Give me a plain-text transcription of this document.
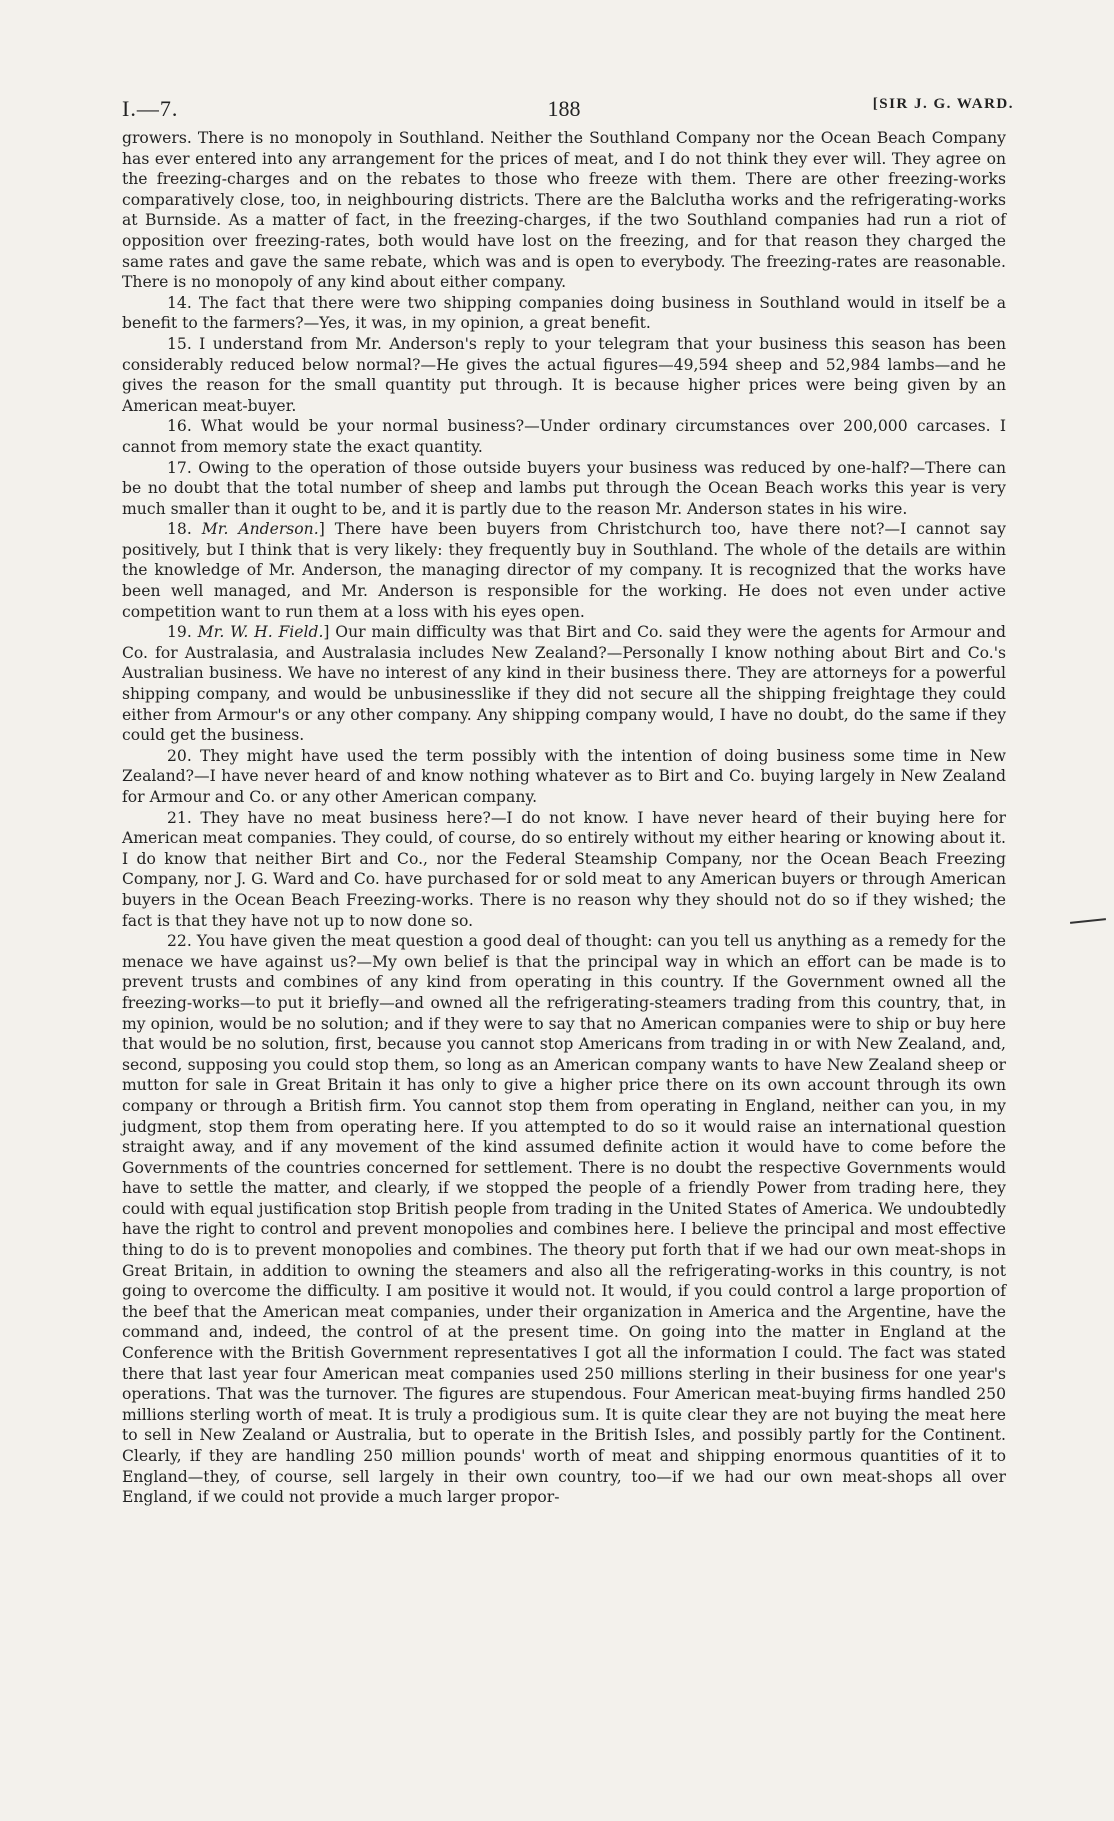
I.—7.	188	[SIR J. G. WARD.

growers. There is no monopoly in Southland. Neither the Southland Company nor the Ocean Beach Company has ever entered into any arrangement for the prices of meat, and I do not think they ever will. They agree on the freezing-charges and on the rebates to those who freeze with them. There are other freezing-works comparatively close, too, in neighbouring districts. There are the Balclutha works and the refrigerating-works at Burnside. As a matter of fact, in the freezing-charges, if the two Southland companies had run a riot of opposition over freezing-rates, both would have lost on the freezing, and for that reason they charged the same rates and gave the same rebate, which was and is open to everybody. The freezing-rates are reasonable. There is no monopoly of any kind about either company.

14. The fact that there were two shipping companies doing business in Southland would in itself be a benefit to the farmers?—Yes, it was, in my opinion, a great benefit.

15. I understand from Mr. Anderson's reply to your telegram that your business this season has been considerably reduced below normal?—He gives the actual figures—49,594 sheep and 52,984 lambs—and he gives the reason for the small quantity put through. It is because higher prices were being given by an American meat-buyer.

16. What would be your normal business?—Under ordinary circumstances over 200,000 carcases. I cannot from memory state the exact quantity.

17. Owing to the operation of those outside buyers your business was reduced by one-half?—There can be no doubt that the total number of sheep and lambs put through the Ocean Beach works this year is very much smaller than it ought to be, and it is partly due to the reason Mr. Anderson states in his wire.

18. Mr. Anderson.] There have been buyers from Christchurch too, have there not?—I cannot say positively, but I think that is very likely: they frequently buy in Southland. The whole of the details are within the knowledge of Mr. Anderson, the managing director of my company. It is recognized that the works have been well managed, and Mr. Anderson is responsible for the working. He does not even under active competition want to run them at a loss with his eyes open.

19. Mr. W. H. Field.] Our main difficulty was that Birt and Co. said they were the agents for Armour and Co. for Australasia, and Australasia includes New Zealand?—Personally I know nothing about Birt and Co.'s Australian business. We have no interest of any kind in their business there. They are attorneys for a powerful shipping company, and would be unbusinesslike if they did not secure all the shipping freightage they could either from Armour's or any other company. Any shipping company would, I have no doubt, do the same if they could get the business.

20. They might have used the term possibly with the intention of doing business some time in New Zealand?—I have never heard of and know nothing whatever as to Birt and Co. buying largely in New Zealand for Armour and Co. or any other American company.

21. They have no meat business here?—I do not know. I have never heard of their buying here for American meat companies. They could, of course, do so entirely without my either hearing or knowing about it. I do know that neither Birt and Co., nor the Federal Steamship Company, nor the Ocean Beach Freezing Company, nor J. G. Ward and Co. have purchased for or sold meat to any American buyers or through American buyers in the Ocean Beach Freezing-works. There is no reason why they should not do so if they wished; the fact is that they have not up to now done so.

22. You have given the meat question a good deal of thought: can you tell us anything as a remedy for the menace we have against us?—My own belief is that the principal way in which an effort can be made is to prevent trusts and combines of any kind from operating in this country. If the Government owned all the freezing-works—to put it briefly—and owned all the refrigerating-steamers trading from this country, that, in my opinion, would be no solution; and if they were to say that no American companies were to ship or buy here that would be no solution, first, because you cannot stop Americans from trading in or with New Zealand, and, second, supposing you could stop them, so long as an American company wants to have New Zealand sheep or mutton for sale in Great Britain it has only to give a higher price there on its own account through its own company or through a British firm. You cannot stop them from operating in England, neither can you, in my judgment, stop them from operating here. If you attempted to do so it would raise an international question straight away, and if any movement of the kind assumed definite action it would have to come before the Governments of the countries concerned for settlement. There is no doubt the respective Governments would have to settle the matter, and clearly, if we stopped the people of a friendly Power from trading here, they could with equal justification stop British people from trading in the United States of America. We undoubtedly have the right to control and prevent monopolies and combines here. I believe the principal and most effective thing to do is to prevent monopolies and combines. The theory put forth that if we had our own meat-shops in Great Britain, in addition to owning the steamers and also all the refrigerating-works in this country, is not going to overcome the difficulty. I am positive it would not. It would, if you could control a large proportion of the beef that the American meat companies, under their organization in America and the Argentine, have the command and, indeed, the control of at the present time. On going into the matter in England at the Conference with the British Government representatives I got all the information I could. The fact was stated there that last year four American meat companies used 250 millions sterling in their business for one year's operations. That was the turnover. The figures are stupendous. Four American meat-buying firms handled 250 millions sterling worth of meat. It is truly a prodigious sum. It is quite clear they are not buying the meat here to sell in New Zealand or Australia, but to operate in the British Isles, and possibly partly for the Continent. Clearly, if they are handling 250 million pounds' worth of meat and shipping enormous quantities of it to England—they, of course, sell largely in their own country, too—if we had our own meat-shops all over England, if we could not provide a much larger propor-
